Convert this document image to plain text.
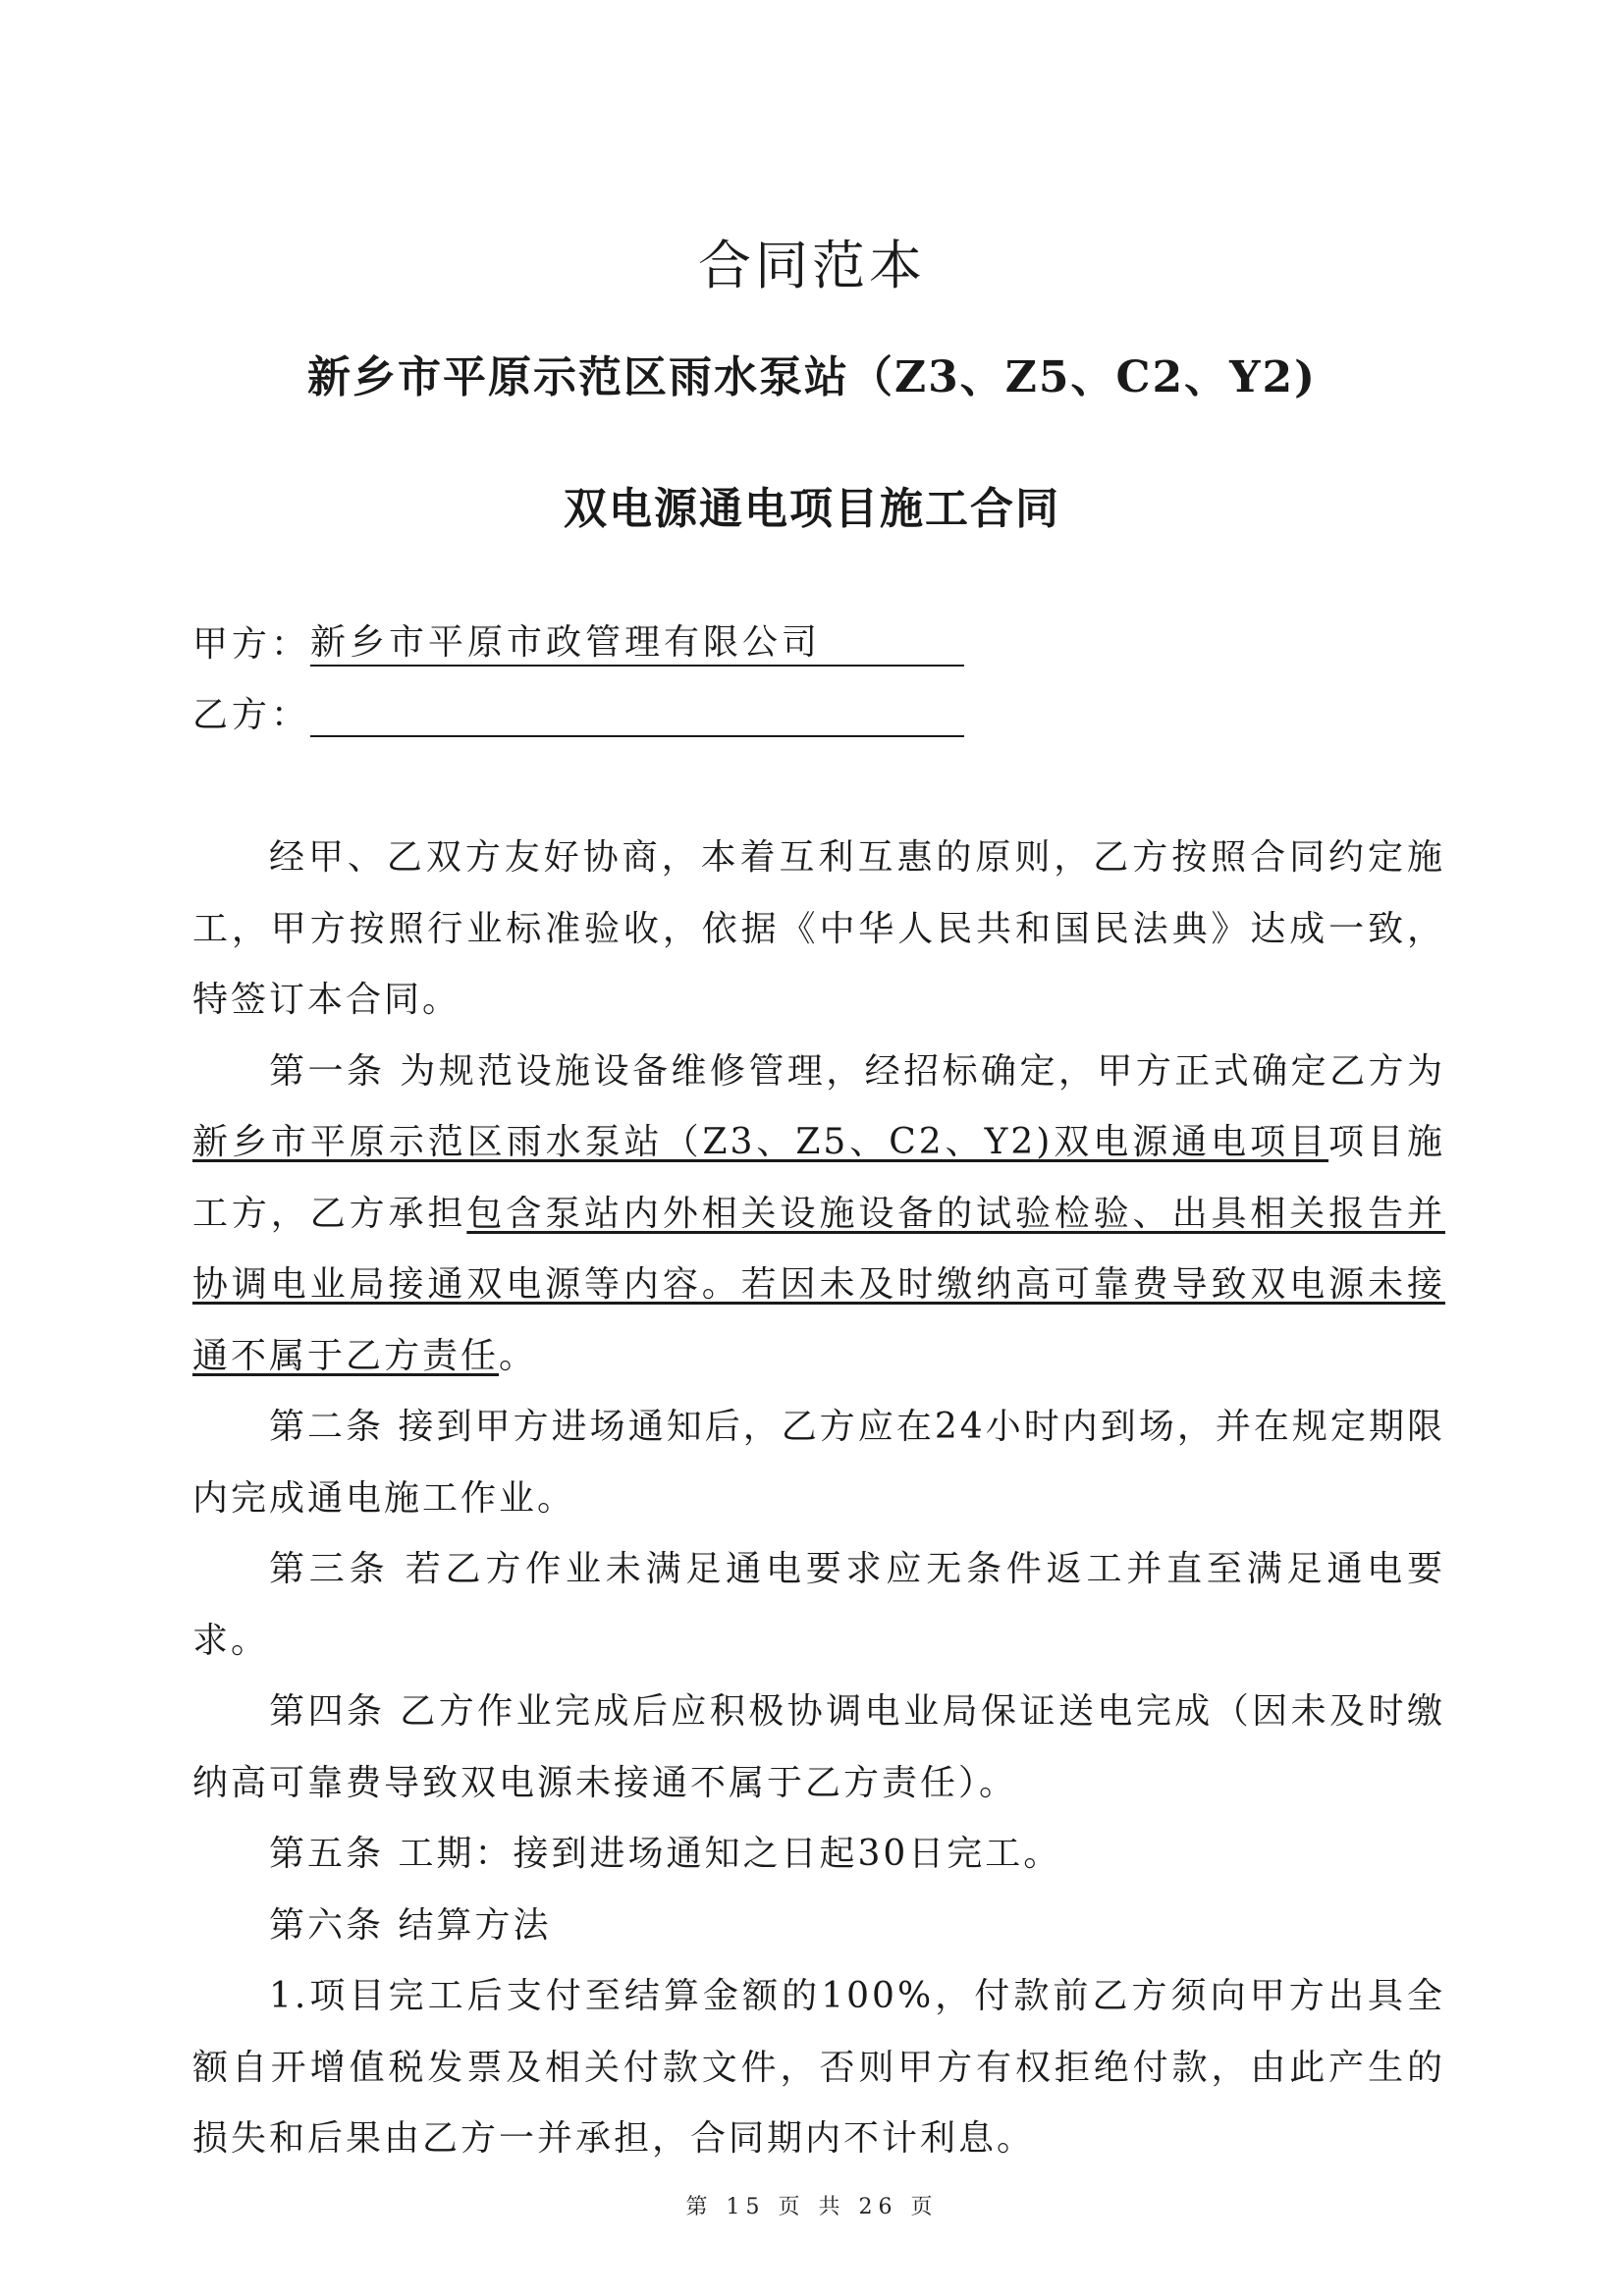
合同范本
新乡市平原示范区雨水泵站（Z3、Z5、C2、Y2)
双电源通电项目施工合同
甲方：新乡市平原市政管理有限公司
乙方：

经甲、乙双方友好协商，本着互利互惠的原则，乙方按照合同约定施工，甲方按照行业标准验收，依据《中华人民共和国民法典》达成一致，特签订本合同。

第一条 为规范设施设备维修管理，经招标确定，甲方正式确定乙方为新乡市平原示范区雨水泵站（Z3、Z5、C2、Y2)双电源通电项目项目施工方，乙方承担包含泵站内外相关设施设备的试验检验、出具相关报告并协调电业局接通双电源等内容。若因未及时缴纳高可靠费导致双电源未接通不属于乙方责任。

第二条 接到甲方进场通知后，乙方应在24小时内到场，并在规定期限内完成通电施工作业。

第三条 若乙方作业未满足通电要求应无条件返工并直至满足通电要求。

第四条 乙方作业完成后应积极协调电业局保证送电完成（因未及时缴纳高可靠费导致双电源未接通不属于乙方责任）。

第五条 工期：接到进场通知之日起30日完工。

第六条 结算方法

1.项目完工后支付至结算金额的100%，付款前乙方须向甲方出具全额自开增值税发票及相关付款文件，否则甲方有权拒绝付款，由此产生的损失和后果由乙方一并承担，合同期内不计利息。

第 15 页 共 26 页
